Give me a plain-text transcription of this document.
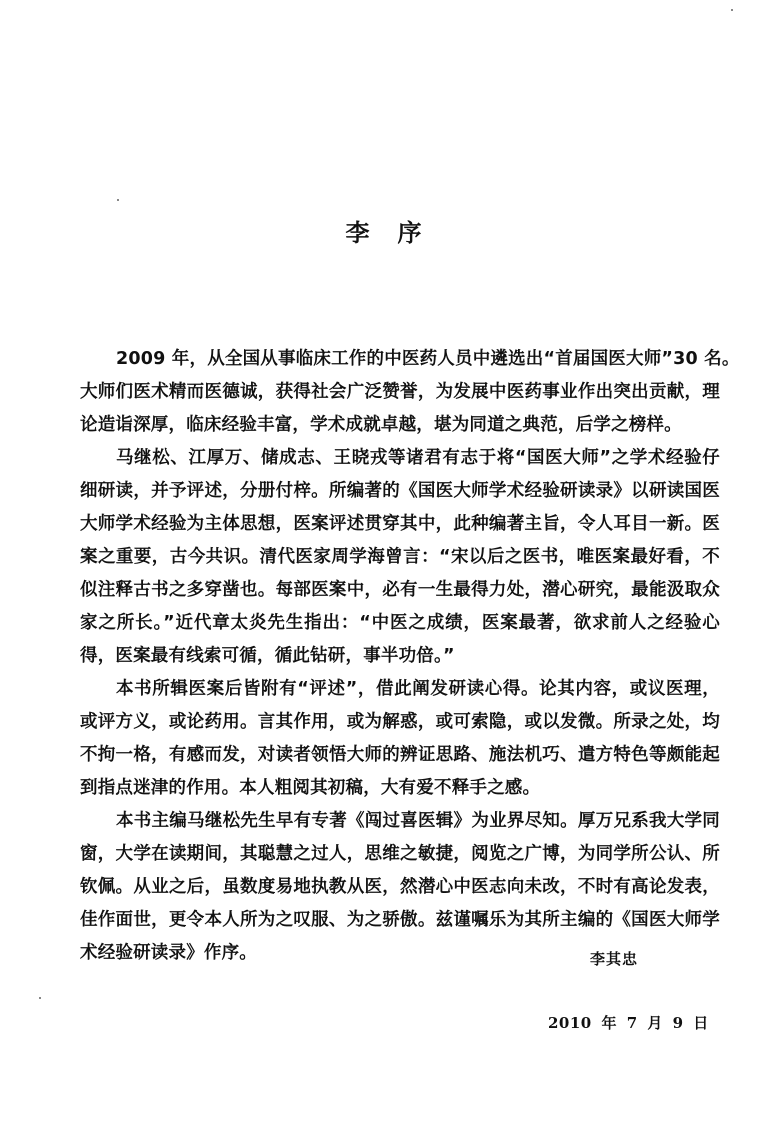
李序
2009 年，从全国从事临床工作的中医药人员中遴选出“首届国医大师”30 名。
大师们医术精而医德诚，获得社会广泛赞誉，为发展中医药事业作出突出贡献，理
论造诣深厚，临床经验丰富，学术成就卓越，堪为同道之典范，后学之榜样。
马继松、江厚万、储成志、王晓戎等诸君有志于将“国医大师”之学术经验仔
细研读，并予评述，分册付梓。所编著的《国医大师学术经验研读录》以研读国医
大师学术经验为主体思想，医案评述贯穿其中，此种编著主旨，令人耳目一新。医
案之重要，古今共识。清代医家周学海曾言：“宋以后之医书，唯医案最好看，不
似注释古书之多穿凿也。每部医案中，必有一生最得力处，潜心研究，最能汲取众
家之所长。”近代章太炎先生指出：“中医之成绩，医案最著，欲求前人之经验心
得，医案最有线索可循，循此钻研，事半功倍。”
本书所辑医案后皆附有“评述”，借此阐发研读心得。论其内容，或议医理，
或评方义，或论药用。言其作用，或为解惑，或可索隐，或以发微。所录之处，均
不拘一格，有感而发，对读者领悟大师的辨证思路、施法机巧、遣方特色等颇能起
到指点迷津的作用。本人粗阅其初稿，大有爱不释手之感。
本书主编马继松先生早有专著《闯过喜医辑》为业界尽知。厚万兄系我大学同
窗，大学在读期间，其聪慧之过人，思维之敏捷，阅览之广博，为同学所公认、所
钦佩。从业之后，虽数度易地执教从医，然潜心中医志向未改，不时有高论发表，
佳作面世，更令本人所为之叹服、为之骄傲。兹谨嘱乐为其所主编的《国医大师学
术经验研读录》作序。	李其忠
2010 年 7 月 9 日
